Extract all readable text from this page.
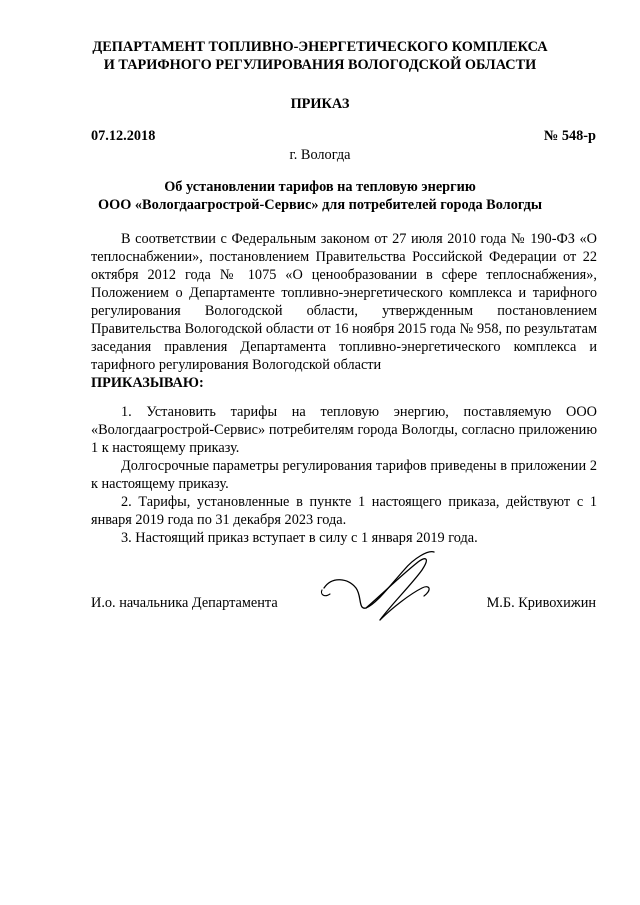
ДЕПАРТАМЕНТ ТОПЛИВНО-ЭНЕРГЕТИЧЕСКОГО КОМПЛЕКСА
И ТАРИФНОГО РЕГУЛИРОВАНИЯ ВОЛОГОДСКОЙ ОБЛАСТИ
ПРИКАЗ
07.12.2018	№ 548-р
г. Вологда
Об установлении тарифов на тепловую энергию
ООО «Вологдаагрострой-Сервис» для потребителей города Вологды
В соответствии с Федеральным законом от 27 июля 2010 года № 190-ФЗ «О теплоснабжении», постановлением Правительства Российской Федерации от 22 октября 2012 года № 1075 «О ценообразовании в сфере теплоснабжения», Положением о Департаменте топливно-энергетического комплекса и тарифного регулирования Вологодской области, утвержденным постановлением Правительства Вологодской области от 16 ноября 2015 года № 958, по результатам заседания правления Департамента топливно-энергетического комплекса и тарифного регулирования Вологодской области
ПРИКАЗЫВАЮ:

1. Установить тарифы на тепловую энергию, поставляемую ООО «Вологдаагрострой-Сервис» потребителям города Вологды, согласно приложению 1 к настоящему приказу.

Долгосрочные параметры регулирования тарифов приведены в приложении 2 к настоящему приказу.

2. Тарифы, установленные в пункте 1 настоящего приказа, действуют с 1 января 2019 года по 31 декабря 2023 года.

3. Настоящий приказ вступает в силу с 1 января 2019 года.

И.о. начальника Департамента	М.Б. Кривохижин
